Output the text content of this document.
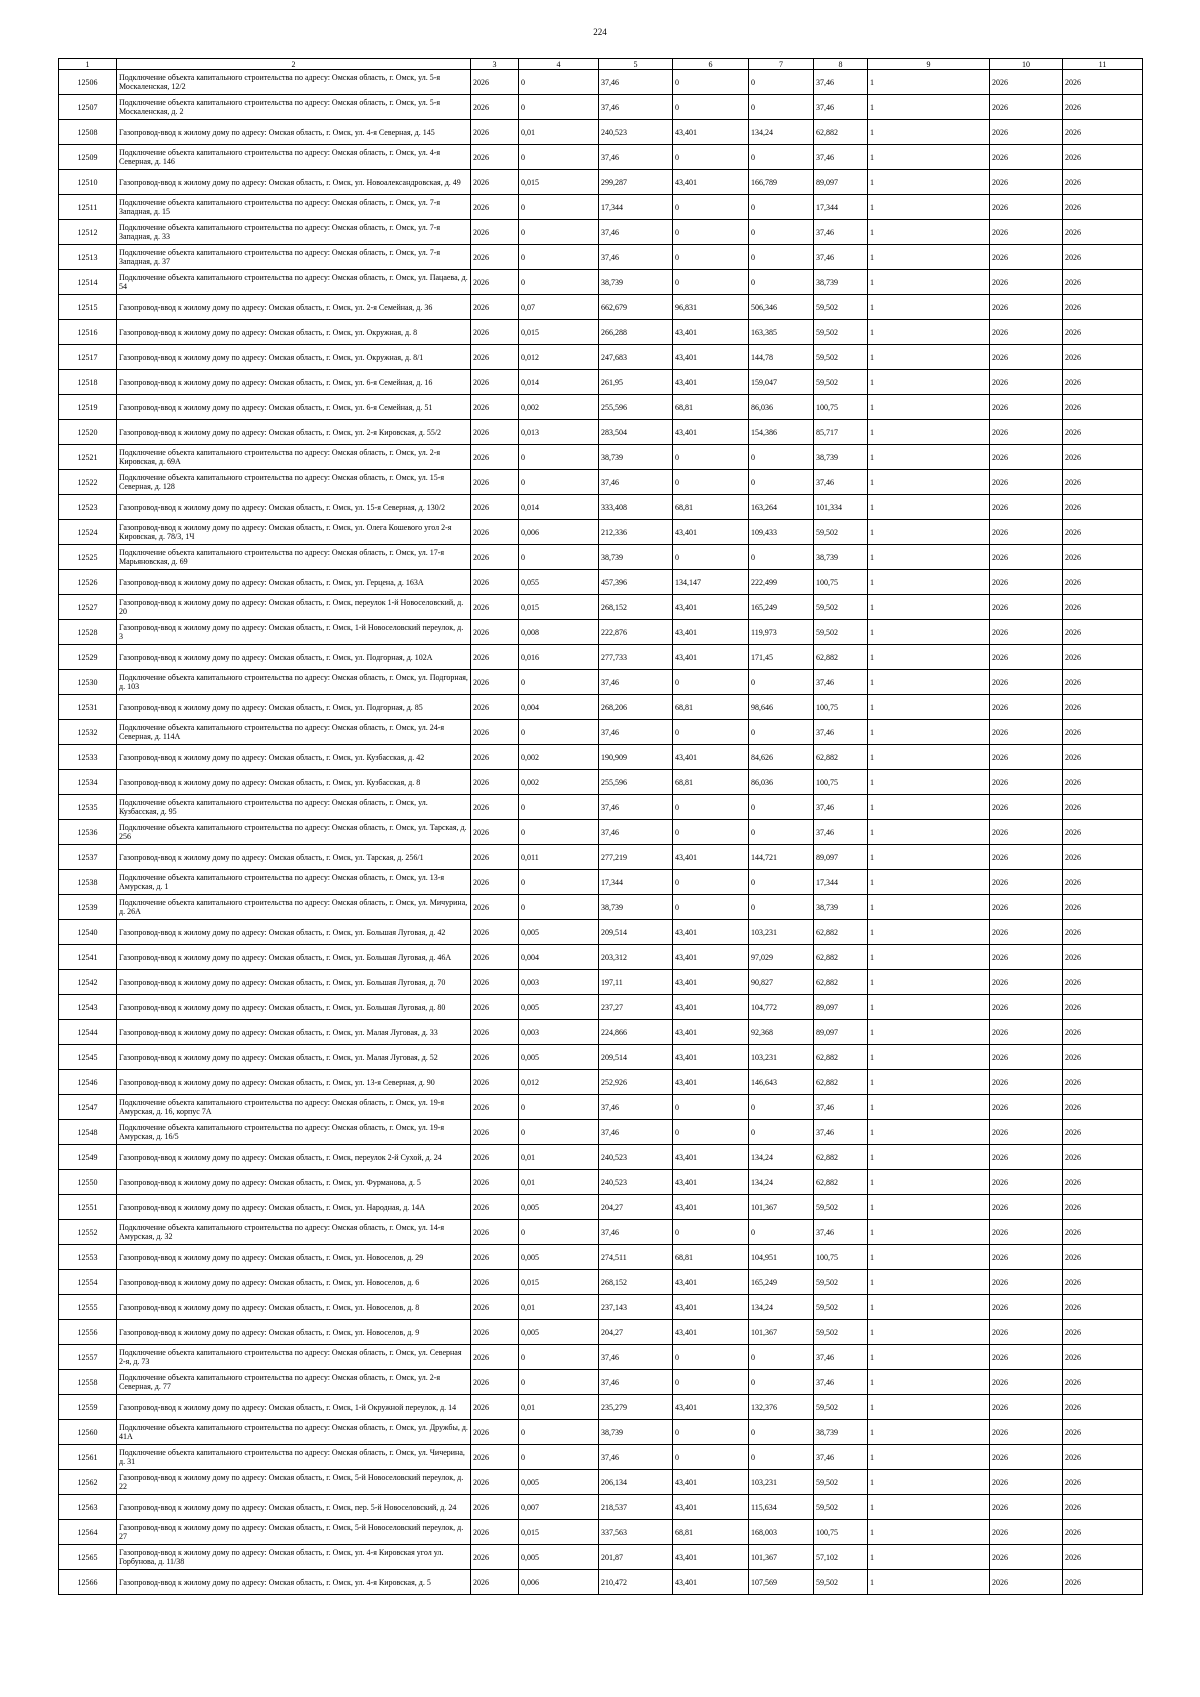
224
1	2	3	4	5	6	7	8	9	10	11
12506	Подключение объекта капитального строительства по адресу: Омская область, г. Омск, ул. 5-я Москаленская, 12/2	2026	0	37,46	0	0	37,46	1	2026	2026
12507	Подключение объекта капитального строительства по адресу: Омская область, г. Омск, ул. 5-я Москаленская, д. 2	2026	0	37,46	0	0	37,46	1	2026	2026
12508	Газопровод-ввод к жилому дому по адресу: Омская область, г. Омск, ул. 4-я Северная, д. 145	2026	0,01	240,523	43,401	134,24	62,882	1	2026	2026
12509	Подключение объекта капитального строительства по адресу: Омская область, г. Омск, ул. 4-я Северная, д. 146	2026	0	37,46	0	0	37,46	1	2026	2026
12510	Газопровод-ввод к жилому дому по адресу: Омская область, г. Омск, ул. Новоалександровская, д. 49	2026	0,015	299,287	43,401	166,789	89,097	1	2026	2026
12511	Подключение объекта капитального строительства по адресу: Омская область, г. Омск, ул. 7-я Западная, д. 15	2026	0	17,344	0	0	17,344	1	2026	2026
12512	Подключение объекта капитального строительства по адресу: Омская область, г. Омск, ул. 7-я Западная, д. 33	2026	0	37,46	0	0	37,46	1	2026	2026
12513	Подключение объекта капитального строительства по адресу: Омская область, г. Омск, ул. 7-я Западная, д. 37	2026	0	37,46	0	0	37,46	1	2026	2026
12514	Подключение объекта капитального строительства по адресу: Омская область, г. Омск, ул. Пацаева, д. 54	2026	0	38,739	0	0	38,739	1	2026	2026
12515	Газопровод-ввод к жилому дому по адресу: Омская область, г. Омск, ул. 2-я Семейная, д. 36	2026	0,07	662,679	96,831	506,346	59,502	1	2026	2026
12516	Газопровод-ввод к жилому дому по адресу: Омская область, г. Омск, ул. Окружная, д. 8	2026	0,015	266,288	43,401	163,385	59,502	1	2026	2026
12517	Газопровод-ввод к жилому дому по адресу: Омская область, г. Омск, ул. Окружная, д. 8/1	2026	0,012	247,683	43,401	144,78	59,502	1	2026	2026
12518	Газопровод-ввод к жилому дому по адресу: Омская область, г. Омск, ул. 6-я Семейная, д. 16	2026	0,014	261,95	43,401	159,047	59,502	1	2026	2026
12519	Газопровод-ввод к жилому дому по адресу: Омская область, г. Омск, ул. 6-я Семейная, д. 51	2026	0,002	255,596	68,81	86,036	100,75	1	2026	2026
12520	Газопровод-ввод к жилому дому по адресу: Омская область, г. Омск, ул. 2-я Кировская, д. 55/2	2026	0,013	283,504	43,401	154,386	85,717	1	2026	2026
12521	Подключение объекта капитального строительства по адресу: Омская область, г. Омск, ул. 2-я Кировская, д. 69А	2026	0	38,739	0	0	38,739	1	2026	2026
12522	Подключение объекта капитального строительства по адресу: Омская область, г. Омск, ул. 15-я Северная, д. 128	2026	0	37,46	0	0	37,46	1	2026	2026
12523	Газопровод-ввод к жилому дому по адресу: Омская область, г. Омск, ул. 15-я Северная, д. 130/2	2026	0,014	333,408	68,81	163,264	101,334	1	2026	2026
12524	Газопровод-ввод к жилому дому по адресу: Омская область, г. Омск, ул. Олега Кошевого угол 2-я Кировская, д. 78/3, 1Ч	2026	0,006	212,336	43,401	109,433	59,502	1	2026	2026
12525	Подключение объекта капитального строительства по адресу: Омская область, г. Омск, ул. 17-я Марьяновская, д. 69	2026	0	38,739	0	0	38,739	1	2026	2026
12526	Газопровод-ввод к жилому дому по адресу: Омская область, г. Омск, ул. Герцена, д. 163А	2026	0,055	457,396	134,147	222,499	100,75	1	2026	2026
12527	Газопровод-ввод к жилому дому по адресу: Омская область, г. Омск, переулок 1-й Новоселовский, д. 20	2026	0,015	268,152	43,401	165,249	59,502	1	2026	2026
12528	Газопровод-ввод к жилому дому по адресу: Омская область, г. Омск, 1-й Новоселовский переулок, д. 3	2026	0,008	222,876	43,401	119,973	59,502	1	2026	2026
12529	Газопровод-ввод к жилому дому по адресу: Омская область, г. Омск, ул. Подгорная, д. 102А	2026	0,016	277,733	43,401	171,45	62,882	1	2026	2026
12530	Подключение объекта капитального строительства по адресу: Омская область, г. Омск, ул. Подгорная, д. 103	2026	0	37,46	0	0	37,46	1	2026	2026
12531	Газопровод-ввод к жилому дому по адресу: Омская область, г. Омск, ул. Подгорная, д. 85	2026	0,004	268,206	68,81	98,646	100,75	1	2026	2026
12532	Подключение объекта капитального строительства по адресу: Омская область, г. Омск, ул. 24-я Северная, д. 114А	2026	0	37,46	0	0	37,46	1	2026	2026
12533	Газопровод-ввод к жилому дому по адресу: Омская область, г. Омск, ул. Кузбасская, д. 42	2026	0,002	190,909	43,401	84,626	62,882	1	2026	2026
12534	Газопровод-ввод к жилому дому по адресу: Омская область, г. Омск, ул. Кузбасская, д. 8	2026	0,002	255,596	68,81	86,036	100,75	1	2026	2026
12535	Подключение объекта капитального строительства по адресу: Омская область, г. Омск, ул. Кузбасская, д. 95	2026	0	37,46	0	0	37,46	1	2026	2026
12536	Подключение объекта капитального строительства по адресу: Омская область, г. Омск, ул. Тарская, д. 256	2026	0	37,46	0	0	37,46	1	2026	2026
12537	Газопровод-ввод к жилому дому по адресу: Омская область, г. Омск, ул. Тарская, д. 256/1	2026	0,011	277,219	43,401	144,721	89,097	1	2026	2026
12538	Подключение объекта капитального строительства по адресу: Омская область, г. Омск, ул. 13-я Амурская, д. 1	2026	0	17,344	0	0	17,344	1	2026	2026
12539	Подключение объекта капитального строительства по адресу: Омская область, г. Омск, ул. Мичурина, д. 26А	2026	0	38,739	0	0	38,739	1	2026	2026
12540	Газопровод-ввод к жилому дому по адресу: Омская область, г. Омск, ул. Большая Луговая, д. 42	2026	0,005	209,514	43,401	103,231	62,882	1	2026	2026
12541	Газопровод-ввод к жилому дому по адресу: Омская область, г. Омск, ул. Большая Луговая, д. 46А	2026	0,004	203,312	43,401	97,029	62,882	1	2026	2026
12542	Газопровод-ввод к жилому дому по адресу: Омская область, г. Омск, ул. Большая Луговая, д. 70	2026	0,003	197,11	43,401	90,827	62,882	1	2026	2026
12543	Газопровод-ввод к жилому дому по адресу: Омская область, г. Омск, ул. Большая Луговая, д. 80	2026	0,005	237,27	43,401	104,772	89,097	1	2026	2026
12544	Газопровод-ввод к жилому дому по адресу: Омская область, г. Омск, ул. Малая Луговая, д. 33	2026	0,003	224,866	43,401	92,368	89,097	1	2026	2026
12545	Газопровод-ввод к жилому дому по адресу: Омская область, г. Омск, ул. Малая Луговая, д. 52	2026	0,005	209,514	43,401	103,231	62,882	1	2026	2026
12546	Газопровод-ввод к жилому дому по адресу: Омская область, г. Омск, ул. 13-я Северная, д. 90	2026	0,012	252,926	43,401	146,643	62,882	1	2026	2026
12547	Подключение объекта капитального строительства по адресу: Омская область, г. Омск, ул. 19-я Амурская, д. 16, корпус 7А	2026	0	37,46	0	0	37,46	1	2026	2026
12548	Подключение объекта капитального строительства по адресу: Омская область, г. Омск, ул. 19-я Амурская, д. 16/5	2026	0	37,46	0	0	37,46	1	2026	2026
12549	Газопровод-ввод к жилому дому по адресу: Омская область, г. Омск, переулок 2-й Сухой, д. 24	2026	0,01	240,523	43,401	134,24	62,882	1	2026	2026
12550	Газопровод-ввод к жилому дому по адресу: Омская область, г. Омск, ул. Фурманова, д. 5	2026	0,01	240,523	43,401	134,24	62,882	1	2026	2026
12551	Газопровод-ввод к жилому дому по адресу: Омская область, г. Омск, ул. Народная, д. 14А	2026	0,005	204,27	43,401	101,367	59,502	1	2026	2026
12552	Подключение объекта капитального строительства по адресу: Омская область, г. Омск, ул. 14-я Амурская, д. 32	2026	0	37,46	0	0	37,46	1	2026	2026
12553	Газопровод-ввод к жилому дому по адресу: Омская область, г. Омск, ул. Новоселов, д. 29	2026	0,005	274,511	68,81	104,951	100,75	1	2026	2026
12554	Газопровод-ввод к жилому дому по адресу: Омская область, г. Омск, ул. Новоселов, д. 6	2026	0,015	268,152	43,401	165,249	59,502	1	2026	2026
12555	Газопровод-ввод к жилому дому по адресу: Омская область, г. Омск, ул. Новоселов, д. 8	2026	0,01	237,143	43,401	134,24	59,502	1	2026	2026
12556	Газопровод-ввод к жилому дому по адресу: Омская область, г. Омск, ул. Новоселов, д. 9	2026	0,005	204,27	43,401	101,367	59,502	1	2026	2026
12557	Подключение объекта капитального строительства по адресу: Омская область, г. Омск, ул. Северная 2-я, д. 73	2026	0	37,46	0	0	37,46	1	2026	2026
12558	Подключение объекта капитального строительства по адресу: Омская область, г. Омск, ул. 2-я Северная, д. 77	2026	0	37,46	0	0	37,46	1	2026	2026
12559	Газопровод-ввод к жилому дому по адресу: Омская область, г. Омск, 1-й Окружной переулок, д. 14	2026	0,01	235,279	43,401	132,376	59,502	1	2026	2026
12560	Подключение объекта капитального строительства по адресу: Омская область, г. Омск, ул. Дружбы, д. 41А	2026	0	38,739	0	0	38,739	1	2026	2026
12561	Подключение объекта капитального строительства по адресу: Омская область, г. Омск, ул. Чичерина, д. 31	2026	0	37,46	0	0	37,46	1	2026	2026
12562	Газопровод-ввод к жилому дому по адресу: Омская область, г. Омск, 5-й Новоселовский переулок, д. 22	2026	0,005	206,134	43,401	103,231	59,502	1	2026	2026
12563	Газопровод-ввод к жилому дому по адресу: Омская область, г. Омск, пер. 5-й Новоселовский, д. 24	2026	0,007	218,537	43,401	115,634	59,502	1	2026	2026
12564	Газопровод-ввод к жилому дому по адресу: Омская область, г. Омск, 5-й Новоселовский переулок, д. 27	2026	0,015	337,563	68,81	168,003	100,75	1	2026	2026
12565	Газопровод-ввод к жилому дому по адресу: Омская область, г. Омск, ул. 4-я Кировская угол ул. Горбунова, д. 11/38	2026	0,005	201,87	43,401	101,367	57,102	1	2026	2026
12566	Газопровод-ввод к жилому дому по адресу: Омская область, г. Омск, ул. 4-я Кировская, д. 5	2026	0,006	210,472	43,401	107,569	59,502	1	2026	2026
